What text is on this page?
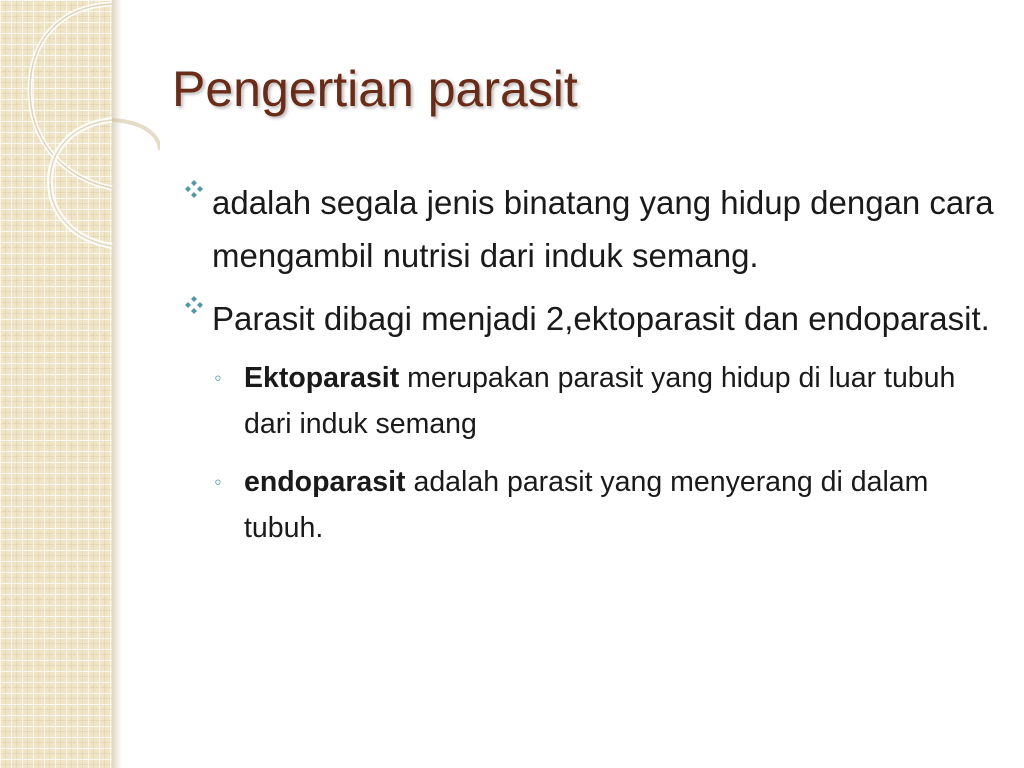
Pengertian parasit
adalah segala jenis binatang yang hidup dengan cara mengambil nutrisi dari induk semang.
Parasit dibagi menjadi 2,ektoparasit dan endoparasit.
◦ Ektoparasit merupakan parasit yang hidup di luar tubuh dari induk semang
◦ endoparasit adalah parasit yang menyerang di dalam tubuh.
